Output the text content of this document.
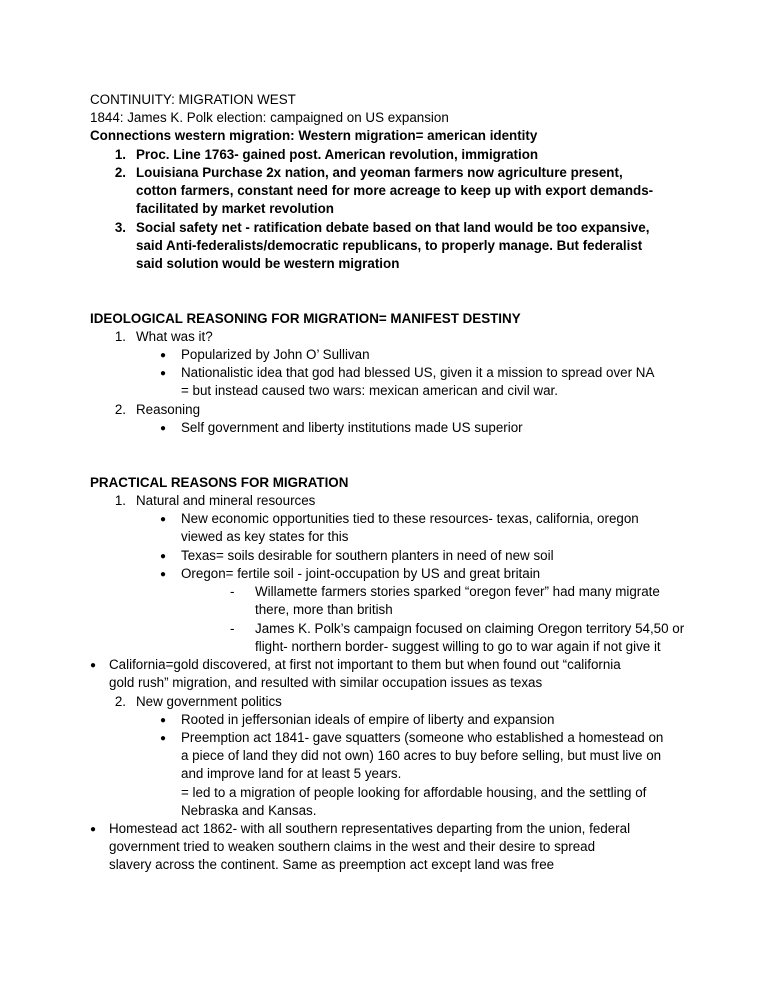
CONTINUITY: MIGRATION WEST
1844: James K. Polk election: campaigned on US expansion
Connections western migration: Western migration= american identity
1. Proc. Line 1763- gained post. American revolution, immigration
2. Louisiana Purchase 2x nation, and yeoman farmers now agriculture present,
cotton farmers, constant need for more acreage to keep up with export demands-
facilitated by market revolution
3. Social safety net - ratification debate based on that land would be too expansive,
said Anti-federalists/democratic republicans, to properly manage. But federalist
said solution would be western migration
IDEOLOGICAL REASONING FOR MIGRATION= MANIFEST DESTINY
1. What was it?
● Popularized by John O’ Sullivan
● Nationalistic idea that god had blessed US, given it a mission to spread over NA
= but instead caused two wars: mexican american and civil war.
2. Reasoning
● Self government and liberty institutions made US superior
PRACTICAL REASONS FOR MIGRATION
1. Natural and mineral resources
● New economic opportunities tied to these resources- texas, california, oregon
viewed as key states for this
● Texas= soils desirable for southern planters in need of new soil
● Oregon= fertile soil - joint-occupation by US and great britain
- Willamette farmers stories sparked “oregon fever” had many migrate
there, more than british
- James K. Polk’s campaign focused on claiming Oregon territory 54,50 or
flight- northern border- suggest willing to go to war again if not give it
● California=gold discovered, at first not important to them but when found out “california
gold rush” migration, and resulted with similar occupation issues as texas
2. New government politics
● Rooted in jeffersonian ideals of empire of liberty and expansion
● Preemption act 1841- gave squatters (someone who established a homestead on
a piece of land they did not own) 160 acres to buy before selling, but must live on
and improve land for at least 5 years.
= led to a migration of people looking for affordable housing, and the settling of
Nebraska and Kansas.
● Homestead act 1862- with all southern representatives departing from the union, federal
government tried to weaken southern claims in the west and their desire to spread
slavery across the continent. Same as preemption act except land was free
